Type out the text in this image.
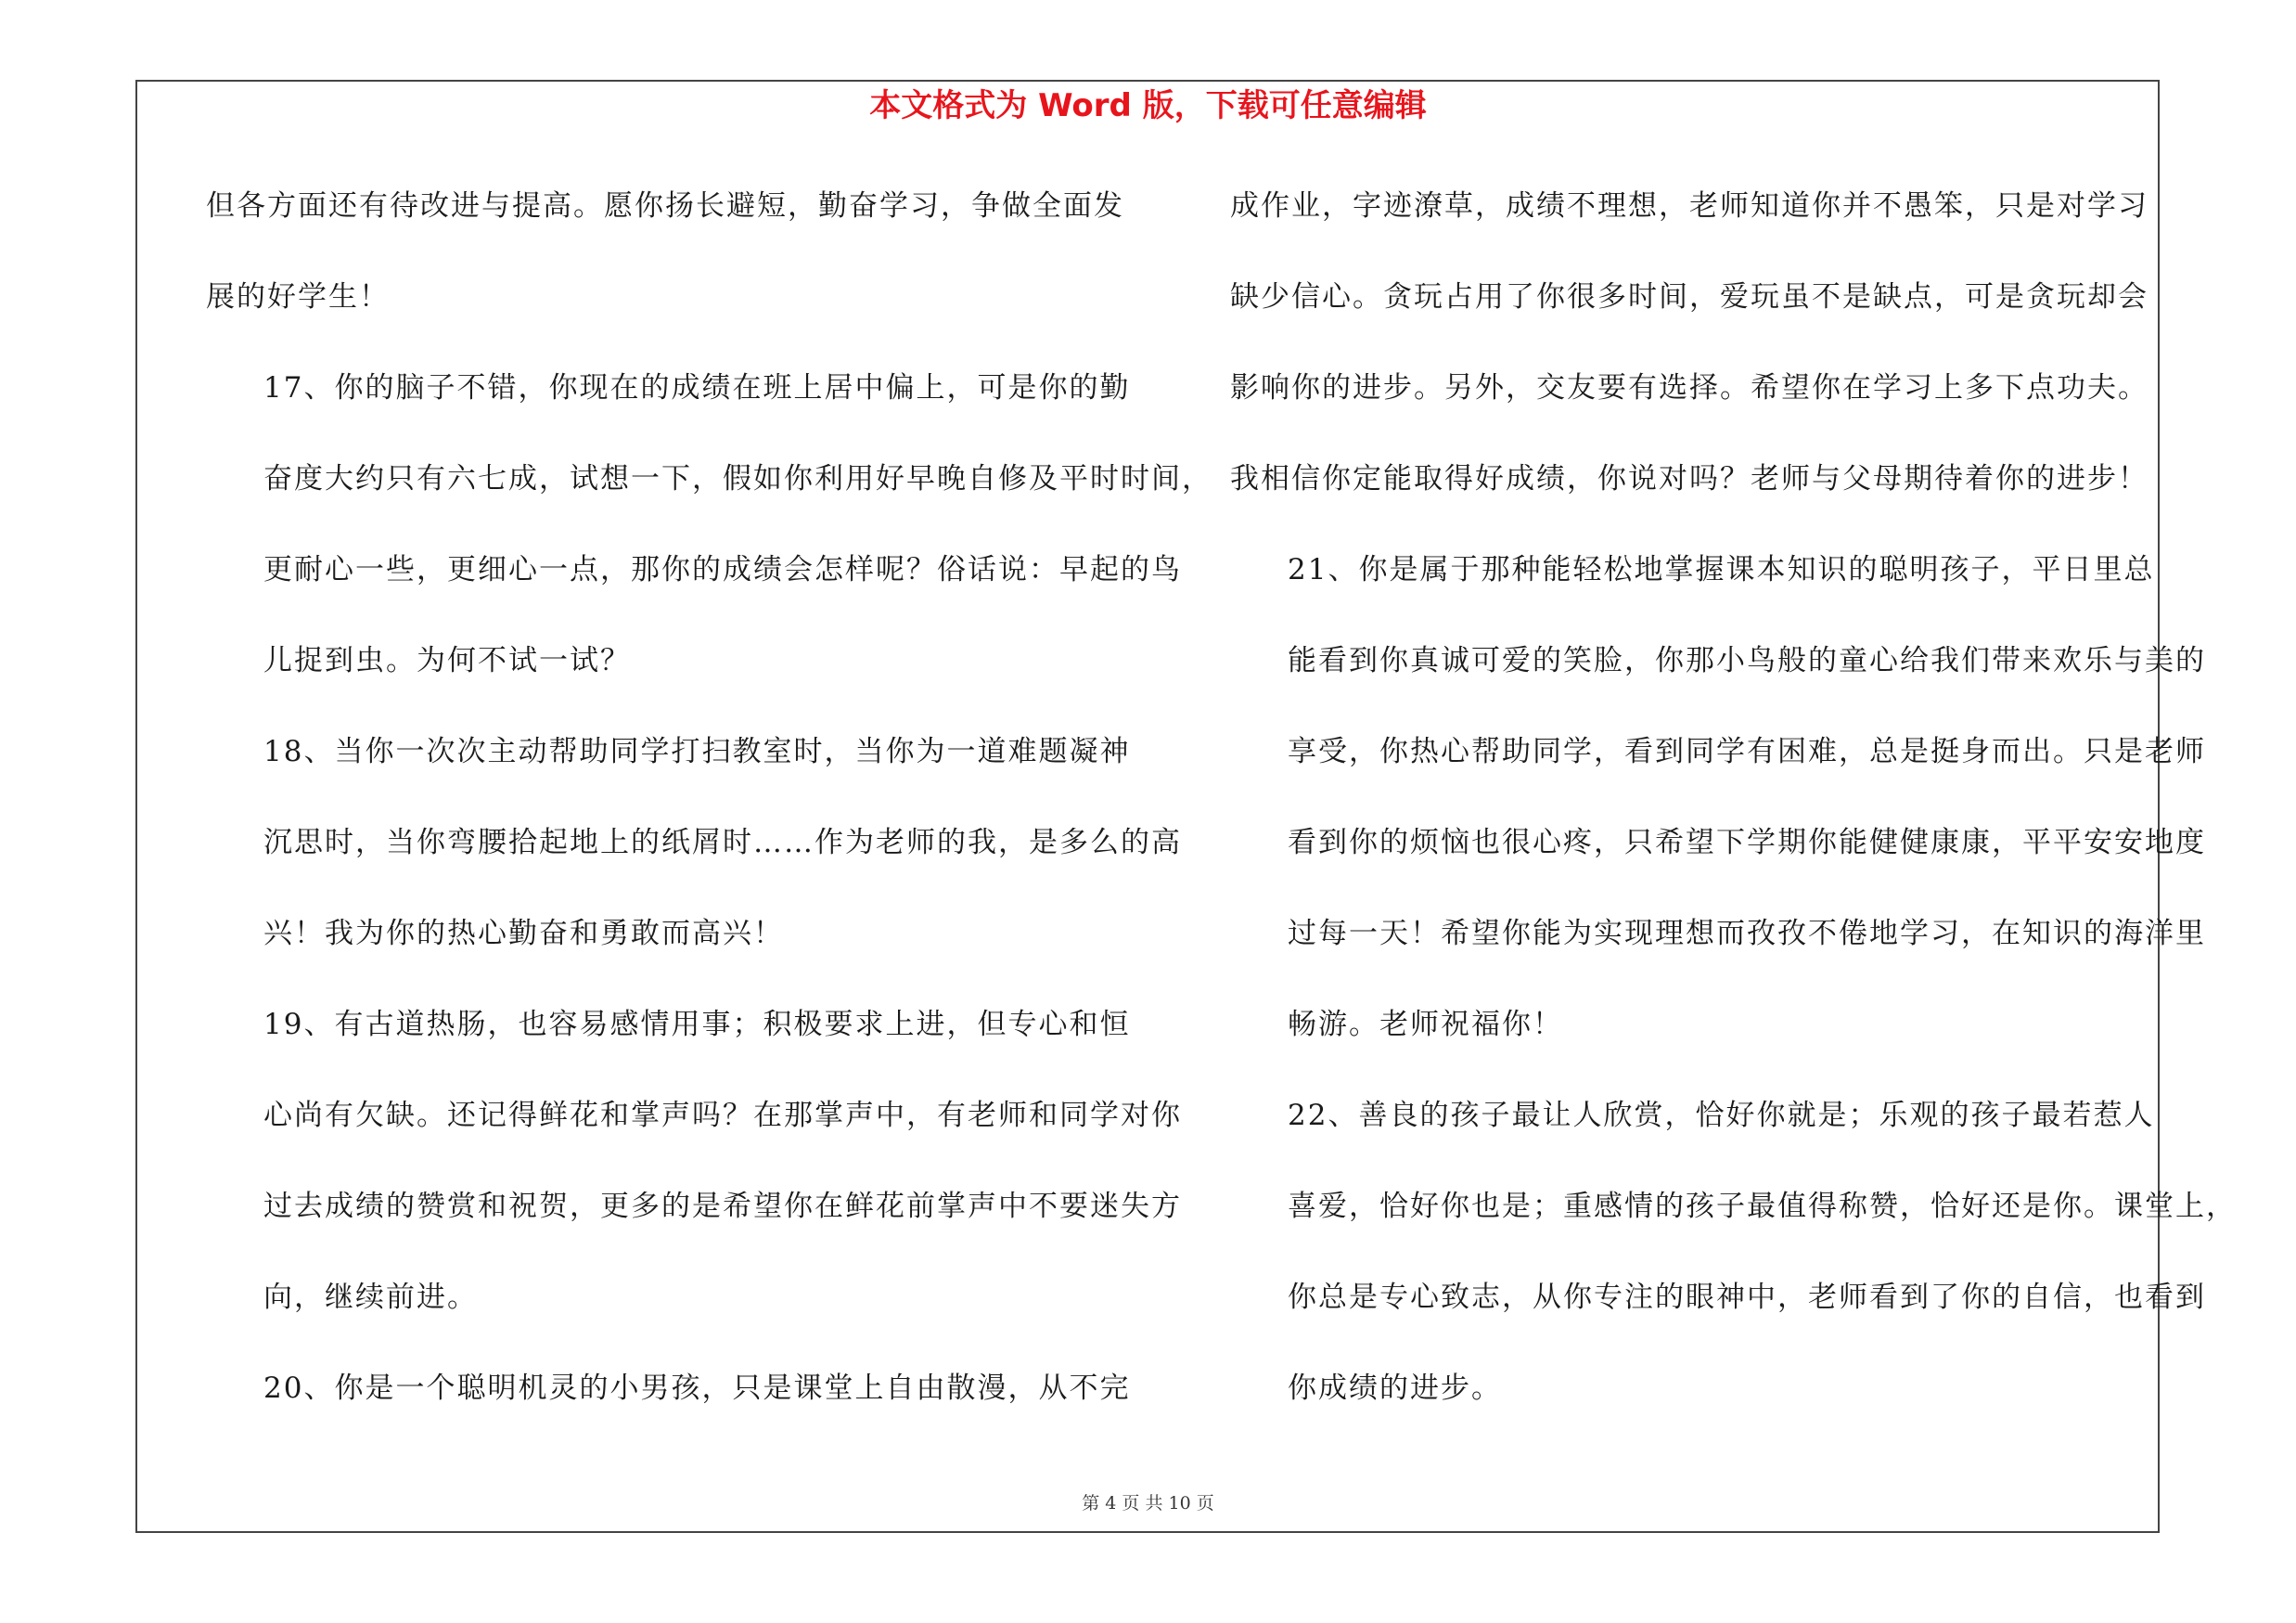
本文格式为 Word 版，下载可任意编辑

但各方面还有待改进与提高。愿你扬长避短，勤奋学习，争做全面发
展的好学生！

17、你的脑子不错，你现在的成绩在班上居中偏上，可是你的勤
奋度大约只有六七成，试想一下，假如你利用好早晚自修及平时时间，
更耐心一些，更细心一点，那你的成绩会怎样呢？俗话说：早起的鸟
儿捉到虫。为何不试一试？

18、当你一次次主动帮助同学打扫教室时，当你为一道难题凝神
沉思时，当你弯腰拾起地上的纸屑时……作为老师的我，是多么的高
兴！我为你的热心勤奋和勇敢而高兴！

19、有古道热肠，也容易感情用事；积极要求上进，但专心和恒
心尚有欠缺。还记得鲜花和掌声吗？在那掌声中，有老师和同学对你
过去成绩的赞赏和祝贺，更多的是希望你在鲜花前掌声中不要迷失方
向，继续前进。

20、你是一个聪明机灵的小男孩，只是课堂上自由散漫，从不完

成作业，字迹潦草，成绩不理想，老师知道你并不愚笨，只是对学习
缺少信心。贪玩占用了你很多时间，爱玩虽不是缺点，可是贪玩却会
影响你的进步。另外，交友要有选择。希望你在学习上多下点功夫。
我相信你定能取得好成绩，你说对吗？老师与父母期待着你的进步！

21、你是属于那种能轻松地掌握课本知识的聪明孩子，平日里总
能看到你真诚可爱的笑脸，你那小鸟般的童心给我们带来欢乐与美的
享受，你热心帮助同学，看到同学有困难，总是挺身而出。只是老师
看到你的烦恼也很心疼，只希望下学期你能健健康康，平平安安地度
过每一天！希望你能为实现理想而孜孜不倦地学习，在知识的海洋里
畅游。老师祝福你！

22、善良的孩子最让人欣赏，恰好你就是；乐观的孩子最若惹人
喜爱，恰好你也是；重感情的孩子最值得称赞，恰好还是你。课堂上，
你总是专心致志，从你专注的眼神中，老师看到了你的自信，也看到
你成绩的进步。

第 4 页 共 10 页
